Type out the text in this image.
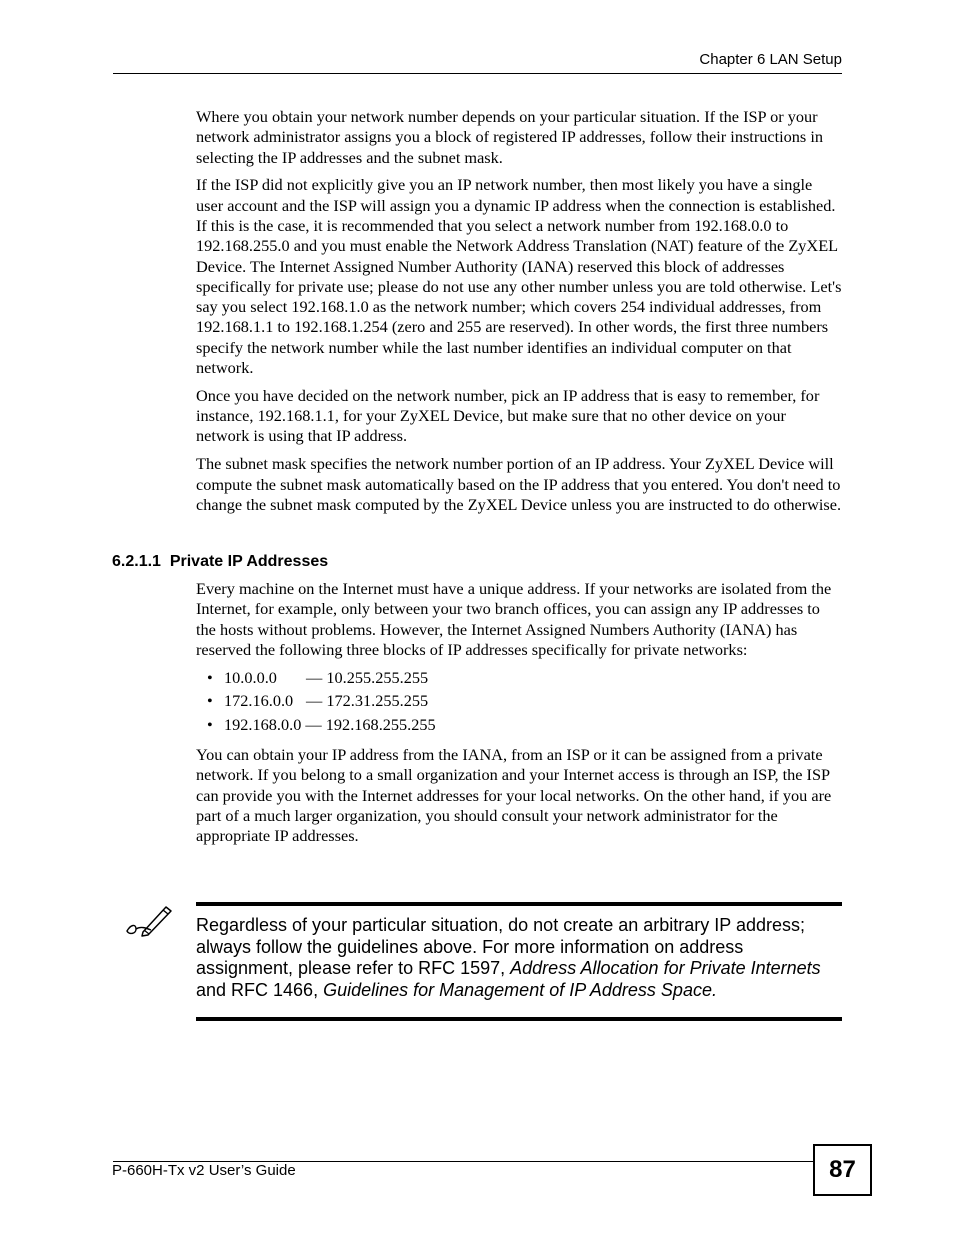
Chapter 6 LAN Setup

Where you obtain your network number depends on your particular situation. If the ISP or your network administrator assigns you a block of registered IP addresses, follow their instructions in selecting the IP addresses and the subnet mask.

If the ISP did not explicitly give you an IP network number, then most likely you have a single user account and the ISP will assign you a dynamic IP address when the connection is established. If this is the case, it is recommended that you select a network number from 192.168.0.0 to 192.168.255.0 and you must enable the Network Address Translation (NAT) feature of the ZyXEL Device. The Internet Assigned Number Authority (IANA) reserved this block of addresses specifically for private use; please do not use any other number unless you are told otherwise. Let's say you select 192.168.1.0 as the network number; which covers 254 individual addresses, from 192.168.1.1 to 192.168.1.254 (zero and 255 are reserved). In other words, the first three numbers specify the network number while the last number identifies an individual computer on that network.

Once you have decided on the network number, pick an IP address that is easy to remember, for instance, 192.168.1.1, for your ZyXEL Device, but make sure that no other device on your network is using that IP address.

The subnet mask specifies the network number portion of an IP address. Your ZyXEL Device will compute the subnet mask automatically based on the IP address that you entered. You don't need to change the subnet mask computed by the ZyXEL Device unless you are instructed to do otherwise.

6.2.1.1 Private IP Addresses

Every machine on the Internet must have a unique address. If your networks are isolated from the Internet, for example, only between your two branch offices, you can assign any IP addresses to the hosts without problems. However, the Internet Assigned Numbers Authority (IANA) has reserved the following three blocks of IP addresses specifically for private networks:

• 10.0.0.0 — 10.255.255.255
• 172.16.0.0 — 172.31.255.255
• 192.168.0.0 — 192.168.255.255

You can obtain your IP address from the IANA, from an ISP or it can be assigned from a private network. If you belong to a small organization and your Internet access is through an ISP, the ISP can provide you with the Internet addresses for your local networks. On the other hand, if you are part of a much larger organization, you should consult your network administrator for the appropriate IP addresses.

Regardless of your particular situation, do not create an arbitrary IP address; always follow the guidelines above. For more information on address assignment, please refer to RFC 1597, Address Allocation for Private Internets and RFC 1466, Guidelines for Management of IP Address Space.

P-660H-Tx v2 User’s Guide	87
